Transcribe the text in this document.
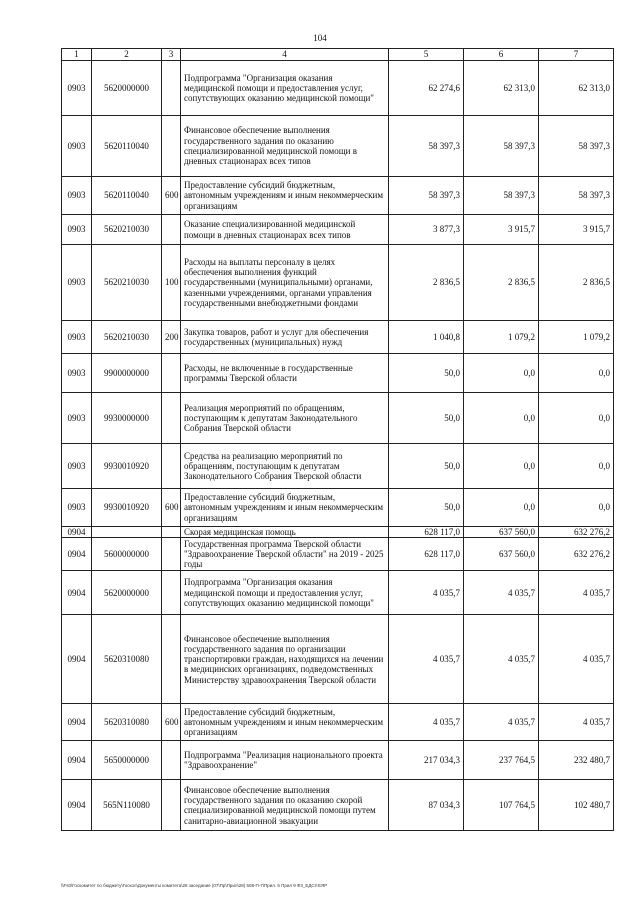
104
1	2	3	4	5	6	7
0903	5620000000		Подпрограмма "Организация оказания медицинской помощи и предоставления услуг, сопутствующих оказанию медицинской помощи"	62 274,6	62 313,0	62 313,0
0903	5620110040		Финансовое обеспечение выполнения государственного задания по оказанию специализированной медицинской помощи в дневных стационарах всех типов	58 397,3	58 397,3	58 397,3
0903	5620110040	600	Предоставление субсидий бюджетным, автономным учреждениям и иным некоммерческим организациям	58 397,3	58 397,3	58 397,3
0903	5620210030		Оказание специализированной медицинской помощи в дневных стационарах всех типов	3 877,3	3 915,7	3 915,7
0903	5620210030	100	Расходы на выплаты персоналу в целях обеспечения выполнения функций государственными (муниципальными) органами, казенными учреждениями, органами управления государственными внебюджетными фондами	2 836,5	2 836,5	2 836,5
0903	5620210030	200	Закупка товаров, работ и услуг для обеспечения государственных (муниципальных) нужд	1 040,8	1 079,2	1 079,2
0903	9900000000		Расходы, не включенные в государственные программы Тверской области	50,0	0,0	0,0
0903	9930000000		Реализация мероприятий по обращениям, поступающим к депутатам Законодательного Собрания Тверской области	50,0	0,0	0,0
0903	9930010920		Средства на реализацию мероприятий по обращениям, поступающим к депутатам Законодательного Собрания Тверской области	50,0	0,0	0,0
0903	9930010920	600	Предоставление субсидий бюджетным, автономным учреждениям и иным некоммерческим организациям	50,0	0,0	0,0
0904			Скорая медицинская помощь	628 117,0	637 560,0	632 276,2
0904	5600000000		Государственная программа Тверской области "Здравоохранение Тверской области" на 2019 - 2025 годы	628 117,0	637 560,0	632 276,2
0904	5620000000		Подпрограмма "Организация оказания медицинской помощи и предоставления услуг, сопутствующих оказанию медицинской помощи"	4 035,7	4 035,7	4 035,7
0904	5620310080		Финансовое обеспечение выполнения государственного задания по организации транспортировки граждан, находящихся на лечении в медицинских организациях, подведомственных Министерству здравоохранения Тверской области	4 035,7	4 035,7	4 035,7
0904	5620310080	600	Предоставление субсидий бюджетным, автономным учреждениям и иным некоммерческим организациям	4 035,7	4 035,7	4 035,7
0904	5650000000		Подпрограмма "Реализация национального проекта "Здравоохранение"	217 034,3	237 764,5	232 480,7
0904	565N110080		Финансовое обеспечение выполнения государственного задания по оказанию скорой специализированной медицинской помощи путем санитарно-авиационной эвакуации	87 034,3	107 764,5	102 480,7
\\Fs0\Госкомитет по бюджету\Госкол\Документы комитета\28 заседание (07\Пр\Прил\28) 508-П-7\Прил. 5 Прил 9 Ф3_ЕДСУ.ЕЯР
